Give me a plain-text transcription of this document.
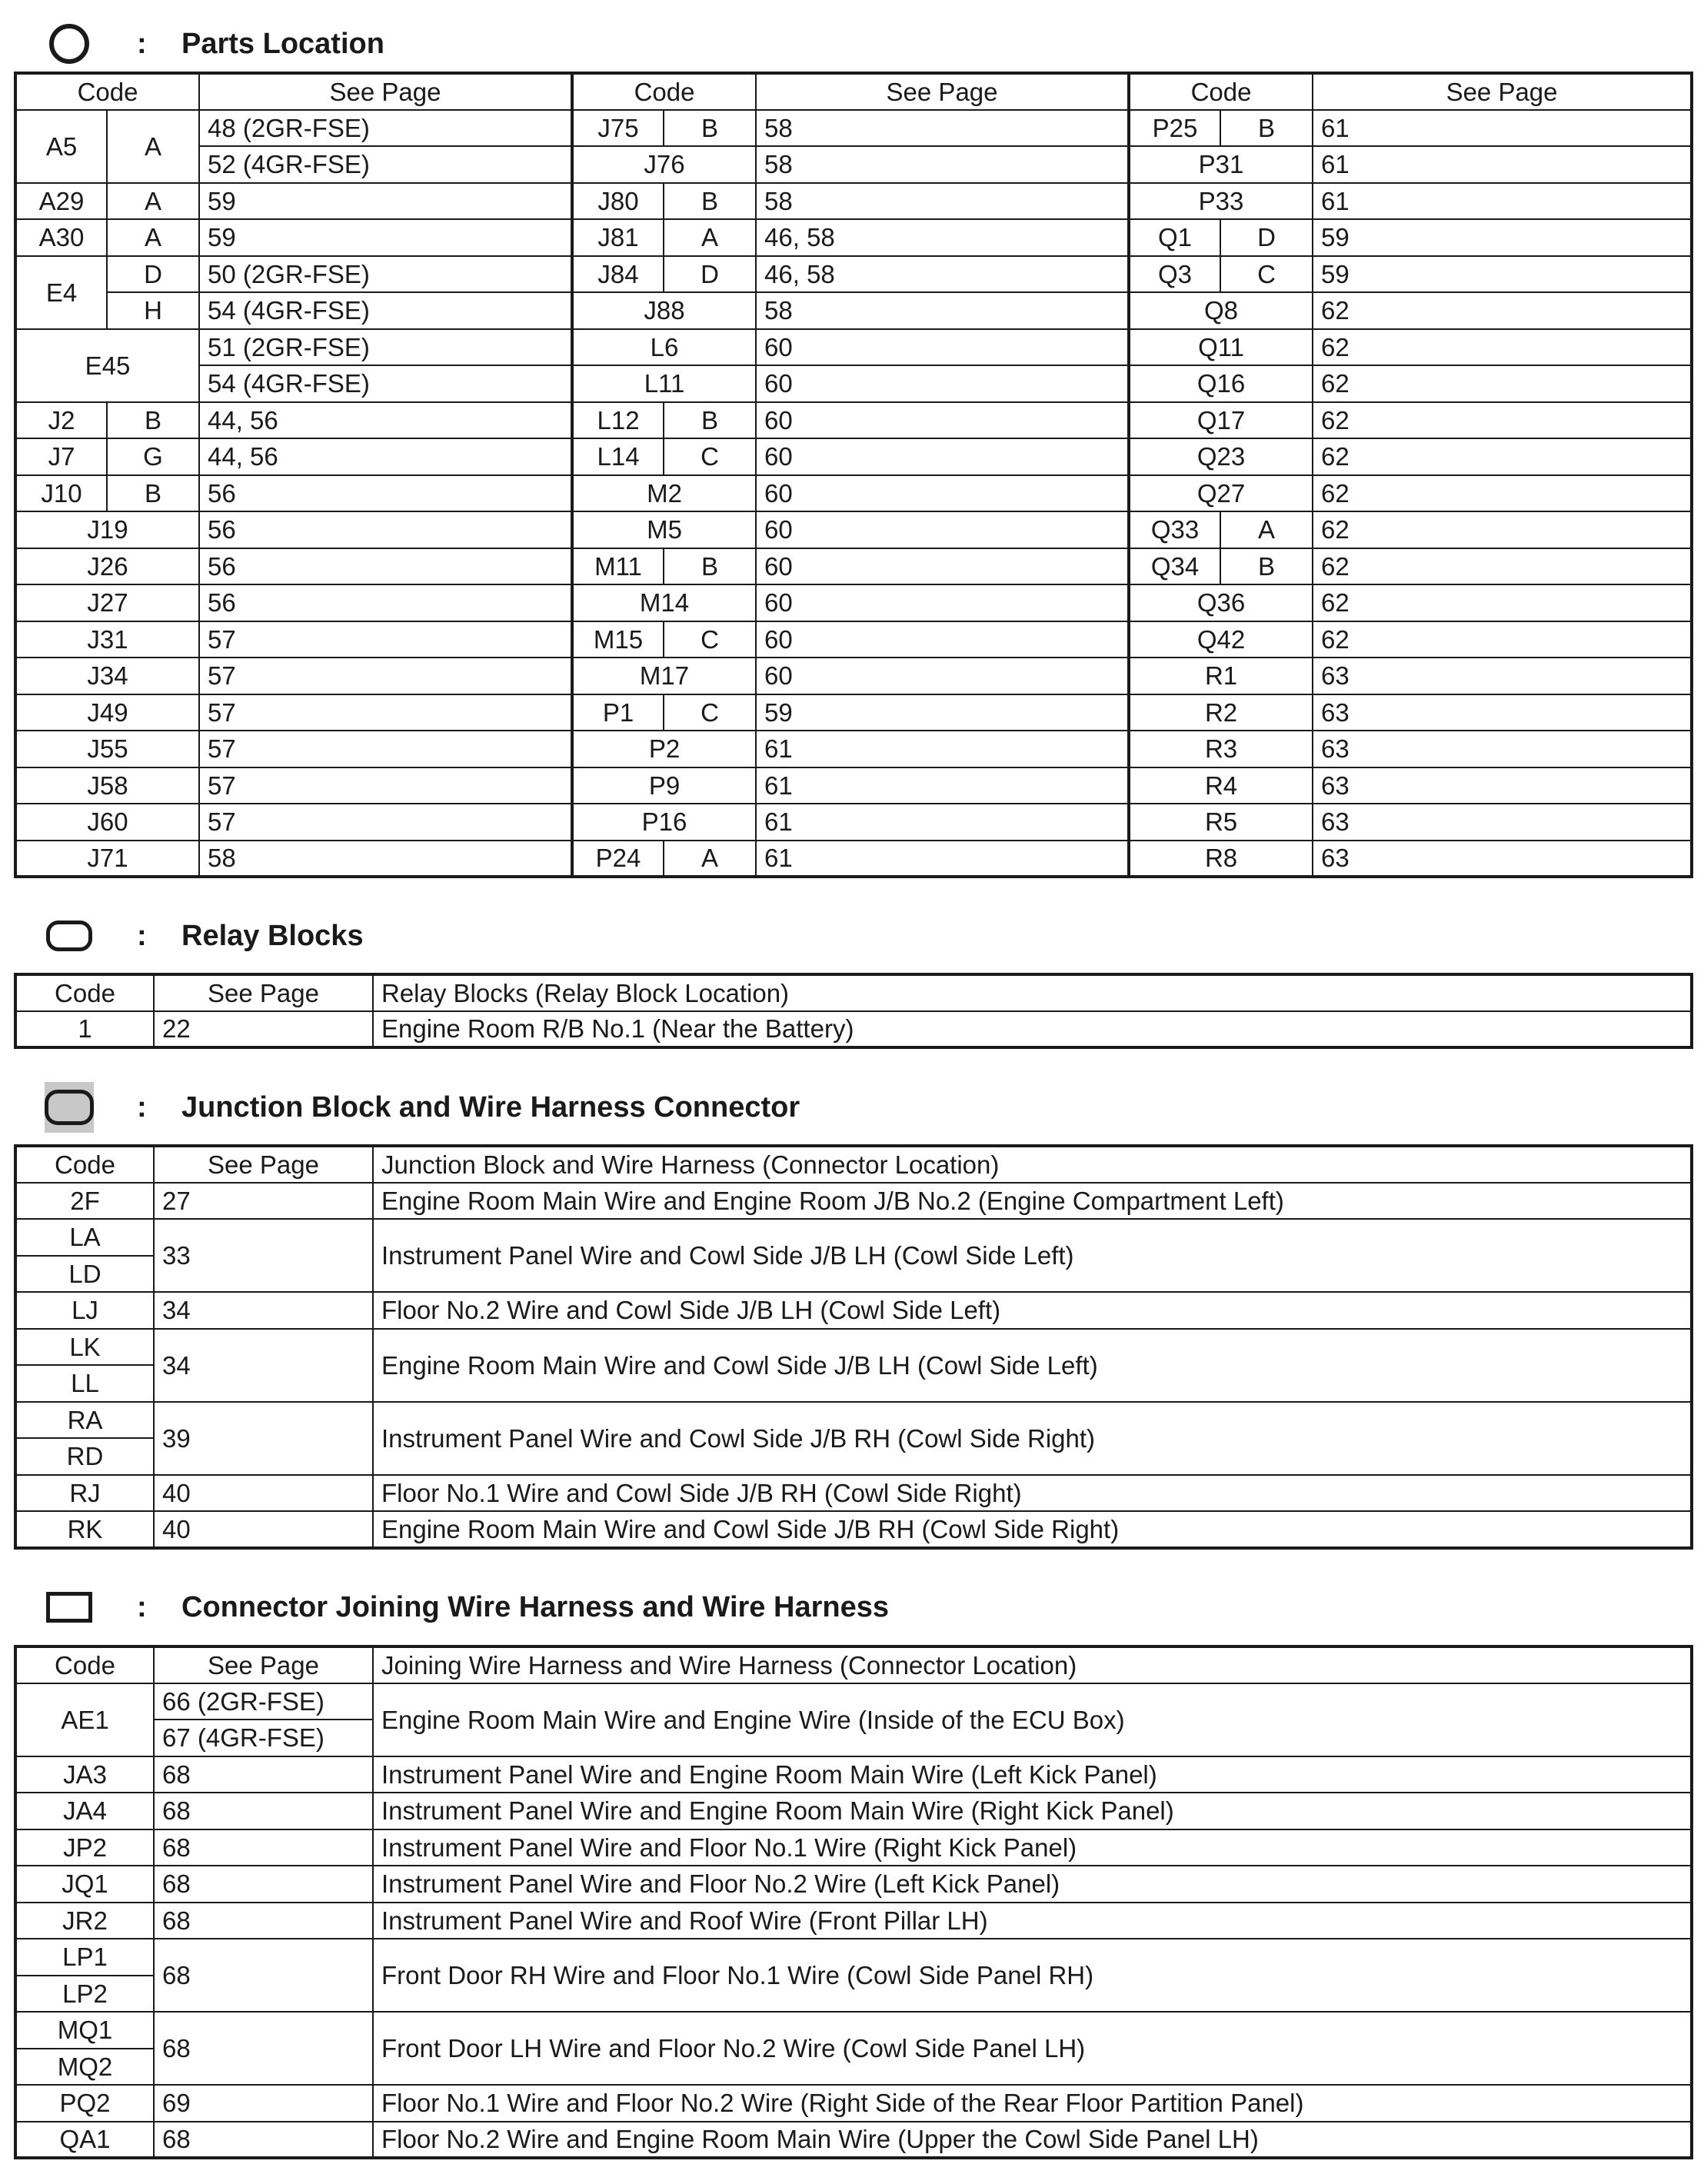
: Parts Location
Code		See Page	Code		See Page	Code		See Page
A5	A	48 (2GR-FSE)	J75	B	58	P25	B	61
		52 (4GR-FSE)	J76		58	P31		61
A29	A	59	J80	B	58	P33		61
A30	A	59	J81	A	46, 58	Q1	D	59
E4	D	50 (2GR-FSE)	J84	D	46, 58	Q3	C	59
	H	54 (4GR-FSE)	J88		58	Q8		62
E45		51 (2GR-FSE)	L6		60	Q11		62
		54 (4GR-FSE)	L11		60	Q16		62
J2	B	44, 56	L12	B	60	Q17		62
J7	G	44, 56	L14	C	60	Q23		62
J10	B	56	M2		60	Q27		62
J19		56	M5		60	Q33	A	62
J26		56	M11	B	60	Q34	B	62
J27		56	M14		60	Q36		62
J31		57	M15	C	60	Q42		62
J34		57	M17		60	R1		63
J49		57	P1	C	59	R2		63
J55		57	P2		61	R3		63
J58		57	P9		61	R4		63
J60		57	P16		61	R5		63
J71		58	P24	A	61	R8		63
: Relay Blocks
Code	See Page	Relay Blocks (Relay Block Location)
1	22	Engine Room R/B No.1 (Near the Battery)
: Junction Block and Wire Harness Connector
Code	See Page	Junction Block and Wire Harness (Connector Location)
2F	27	Engine Room Main Wire and Engine Room J/B No.2 (Engine Compartment Left)
LA	33	Instrument Panel Wire and Cowl Side J/B LH (Cowl Side Left)
LD		
LJ	34	Floor No.2 Wire and Cowl Side J/B LH (Cowl Side Left)
LK	34	Engine Room Main Wire and Cowl Side J/B LH (Cowl Side Left)
LL		
RA	39	Instrument Panel Wire and Cowl Side J/B RH (Cowl Side Right)
RD		
RJ	40	Floor No.1 Wire and Cowl Side J/B RH (Cowl Side Right)
RK	40	Engine Room Main Wire and Cowl Side J/B RH (Cowl Side Right)
: Connector Joining Wire Harness and Wire Harness
Code	See Page	Joining Wire Harness and Wire Harness (Connector Location)
AE1	66 (2GR-FSE)	Engine Room Main Wire and Engine Wire (Inside of the ECU Box)
	67 (4GR-FSE)	
JA3	68	Instrument Panel Wire and Engine Room Main Wire (Left Kick Panel)
JA4	68	Instrument Panel Wire and Engine Room Main Wire (Right Kick Panel)
JP2	68	Instrument Panel Wire and Floor No.1 Wire (Right Kick Panel)
JQ1	68	Instrument Panel Wire and Floor No.2 Wire (Left Kick Panel)
JR2	68	Instrument Panel Wire and Roof Wire (Front Pillar LH)
LP1	68	Front Door RH Wire and Floor No.1 Wire (Cowl Side Panel RH)
LP2		
MQ1	68	Front Door LH Wire and Floor No.2 Wire (Cowl Side Panel LH)
MQ2		
PQ2	69	Floor No.1 Wire and Floor No.2 Wire (Right Side of the Rear Floor Partition Panel)
QA1	68	Floor No.2 Wire and Engine Room Main Wire (Upper the Cowl Side Panel LH)
